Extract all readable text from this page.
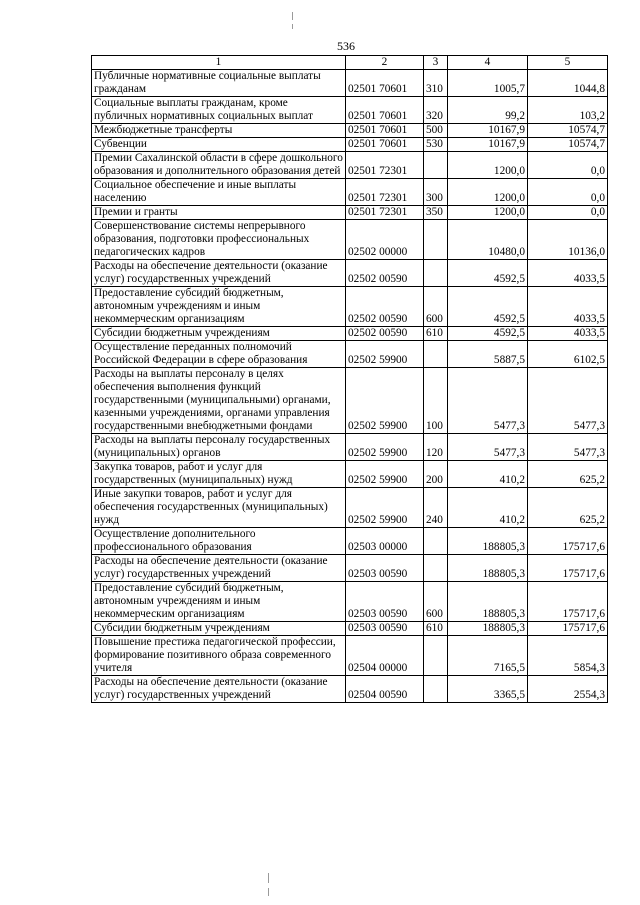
536
1	2	3	4	5
Публичные нормативные социальные выплаты гражданам	02501 70601	310	1005,7	1044,8
Социальные выплаты гражданам, кроме публичных нормативных социальных выплат	02501 70601	320	99,2	103,2
Межбюджетные трансферты	02501 70601	500	10167,9	10574,7
Субвенции	02501 70601	530	10167,9	10574,7
Премии Сахалинской области в сфере дошкольного образования и дополнительного образования детей	02501 72301		1200,0	0,0
Социальное обеспечение и иные выплаты населению	02501 72301	300	1200,0	0,0
Премии и гранты	02501 72301	350	1200,0	0,0
Совершенствование системы непрерывного образования, подготовки профессиональных педагогических кадров	02502 00000		10480,0	10136,0
Расходы на обеспечение деятельности (оказание услуг) государственных учреждений	02502 00590		4592,5	4033,5
Предоставление субсидий бюджетным, автономным учреждениям и иным некоммерческим организациям	02502 00590	600	4592,5	4033,5
Субсидии бюджетным учреждениям	02502 00590	610	4592,5	4033,5
Осуществление переданных полномочий Российской Федерации в сфере образования	02502 59900		5887,5	6102,5
Расходы на выплаты персоналу в целях обеспечения выполнения функций государственными (муниципальными) органами, казенными учреждениями, органами управления государственными внебюджетными фондами	02502 59900	100	5477,3	5477,3
Расходы на выплаты персоналу государственных (муниципальных) органов	02502 59900	120	5477,3	5477,3
Закупка товаров, работ и услуг для государственных (муниципальных) нужд	02502 59900	200	410,2	625,2
Иные закупки товаров, работ и услуг для обеспечения государственных (муниципальных) нужд	02502 59900	240	410,2	625,2
Осуществление дополнительного профессионального образования	02503 00000		188805,3	175717,6
Расходы на обеспечение деятельности (оказание услуг) государственных учреждений	02503 00590		188805,3	175717,6
Предоставление субсидий бюджетным, автономным учреждениям и иным некоммерческим организациям	02503 00590	600	188805,3	175717,6
Субсидии бюджетным учреждениям	02503 00590	610	188805,3	175717,6
Повышение престижа педагогической профессии, формирование позитивного образа современного учителя	02504 00000		7165,5	5854,3
Расходы на обеспечение деятельности (оказание услуг) государственных учреждений	02504 00590		3365,5	2554,3
